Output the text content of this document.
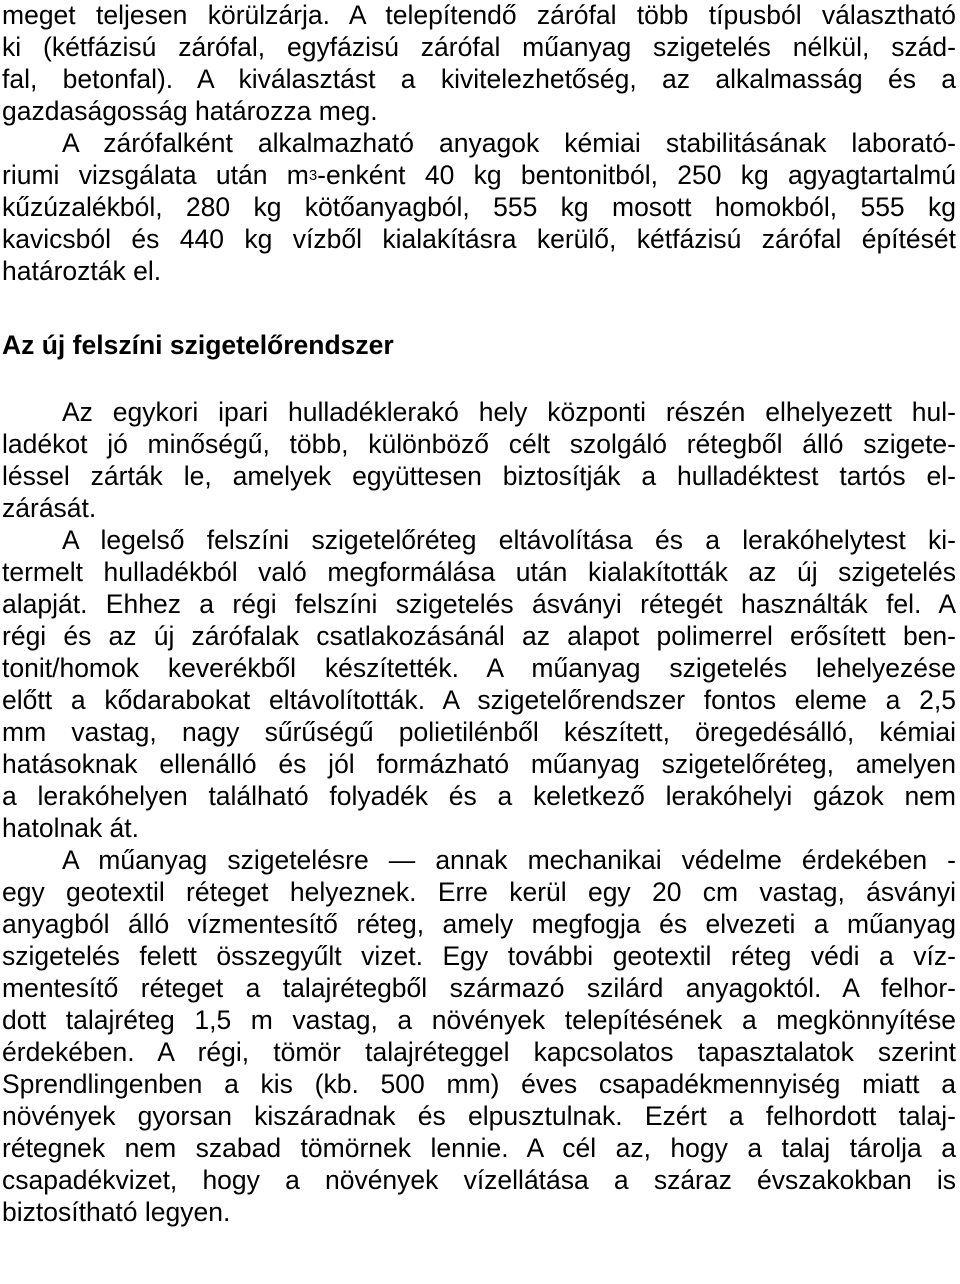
meget teljesen körülzárja. A telepítendő zárófal több típusból választható
ki (kétfázisú zárófal, egyfázisú zárófal műanyag szigetelés nélkül, szád-
fal, betonfal). A kiválasztást a kivitelezhetőség, az alkalmasság és a
gazdaságosság határozza meg.
A zárófalként alkalmazható anyagok kémiai stabilitásának laborató-
riumi vizsgálata után $m^3$-enként 40 kg bentonitból, 250 kg agyagtartalmú
kűzúzalékból, 280 kg kötőanyagból, 555 kg mosott homokból, 555 kg
kavicsból és 440 kg vízből kialakításra kerülő, kétfázisú zárófal építését
határozták el.
Az új felszíni szigetelőrendszer
Az egykori ipari hulladéklerakó hely központi részén elhelyezett hul-
ladékot jó minőségű, több, különböző célt szolgáló rétegből álló szigete-
léssel zárták le, amelyek együttesen biztosítják a hulladéktest tartós el-
zárását.
A legelső felszíni szigetelőréteg eltávolítása és a lerakóhelytest ki-
termelt hulladékból való megformálása után kialakították az új szigetelés
alapját. Ehhez a régi felszíni szigetelés ásványi rétegét használták fel. A
régi és az új zárófalak csatlakozásánál az alapot polimerrel erősített ben-
tonit/homok keverékből készítették. A műanyag szigetelés lehelyezése
előtt a kődarabokat eltávolították. A szigetelőrendszer fontos eleme a 2,5
mm vastag, nagy sűrűségű polietilénből készített, öregedésálló, kémiai
hatásoknak ellenálló és jól formázható műanyag szigetelőréteg, amelyen
a lerakóhelyen található folyadék és a keletkező lerakóhelyi gázok nem
hatolnak át.
A műanyag szigetelésre — annak mechanikai védelme érdekében -
egy geotextil réteget helyeznek. Erre kerül egy 20 cm vastag, ásványi
anyagból álló vízmentesítő réteg, amely megfogja és elvezeti a műanyag
szigetelés felett összegyűlt vizet. Egy további geotextil réteg védi a víz-
mentesítő réteget a talajrétegből származó szilárd anyagoktól. A felhor-
dott talajréteg 1,5 m vastag, a növények telepítésének a megkönnyítése
érdekében. A régi, tömör talajréteggel kapcsolatos tapasztalatok szerint
Sprendlingenben a kis (kb. 500 mm) éves csapadékmennyiség miatt a
növények gyorsan kiszáradnak és elpusztulnak. Ezért a felhordott talaj-
rétegnek nem szabad tömörnek lennie. A cél az, hogy a talaj tárolja a
csapadékvizet, hogy a növények vízellátása a száraz évszakokban is
biztosítható legyen.
